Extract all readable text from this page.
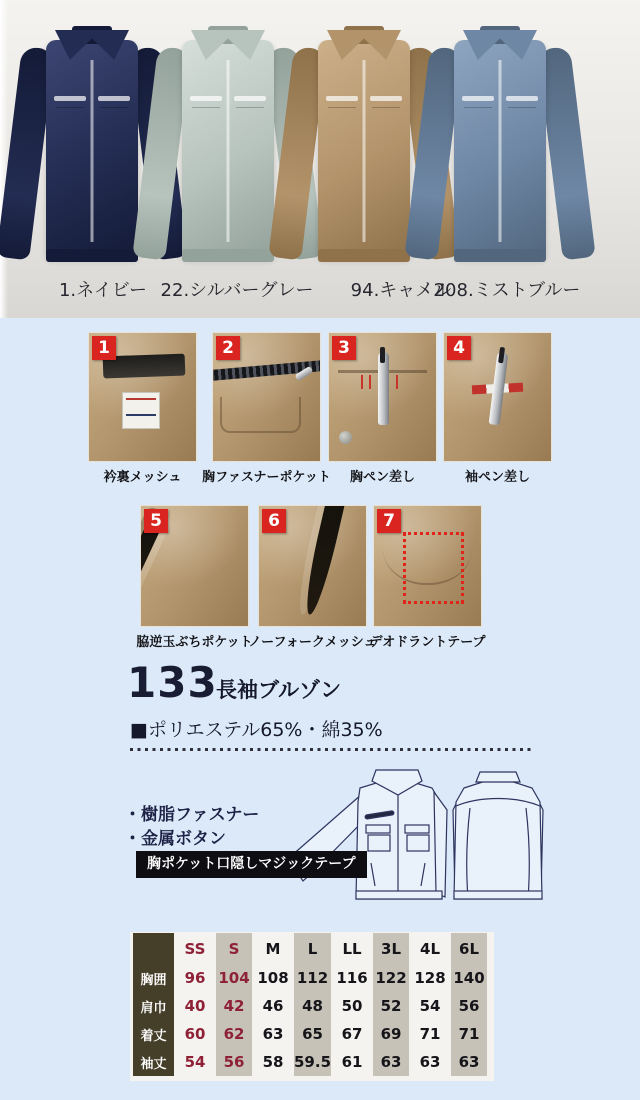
1.ネイビー 22.シルバーグレー 94.キャメル
208.ミストブルー
1
衿裏メッシュ
2
胸ファスナーポケット
3
胸ペン差し
4
袖ペン差し
5
脇逆玉ぶちポケット
6
ノーフォークメッシュ
7
デオドラントテープ
133
長袖ブルゾン
■ポリエステル65%・綿35%
・樹脂ファスナー
・金属ボタン
胸ポケット口隠しマジックテープ
	SS	S	M	L	LL	3L	4L	6L
胸囲	96	104	108	112	116	122	128	140
肩巾	40	42	46	48	50	52	54	56
着丈	60	62	63	65	67	69	71	71
袖丈	54	56	58	59.5	61	63	63	63
